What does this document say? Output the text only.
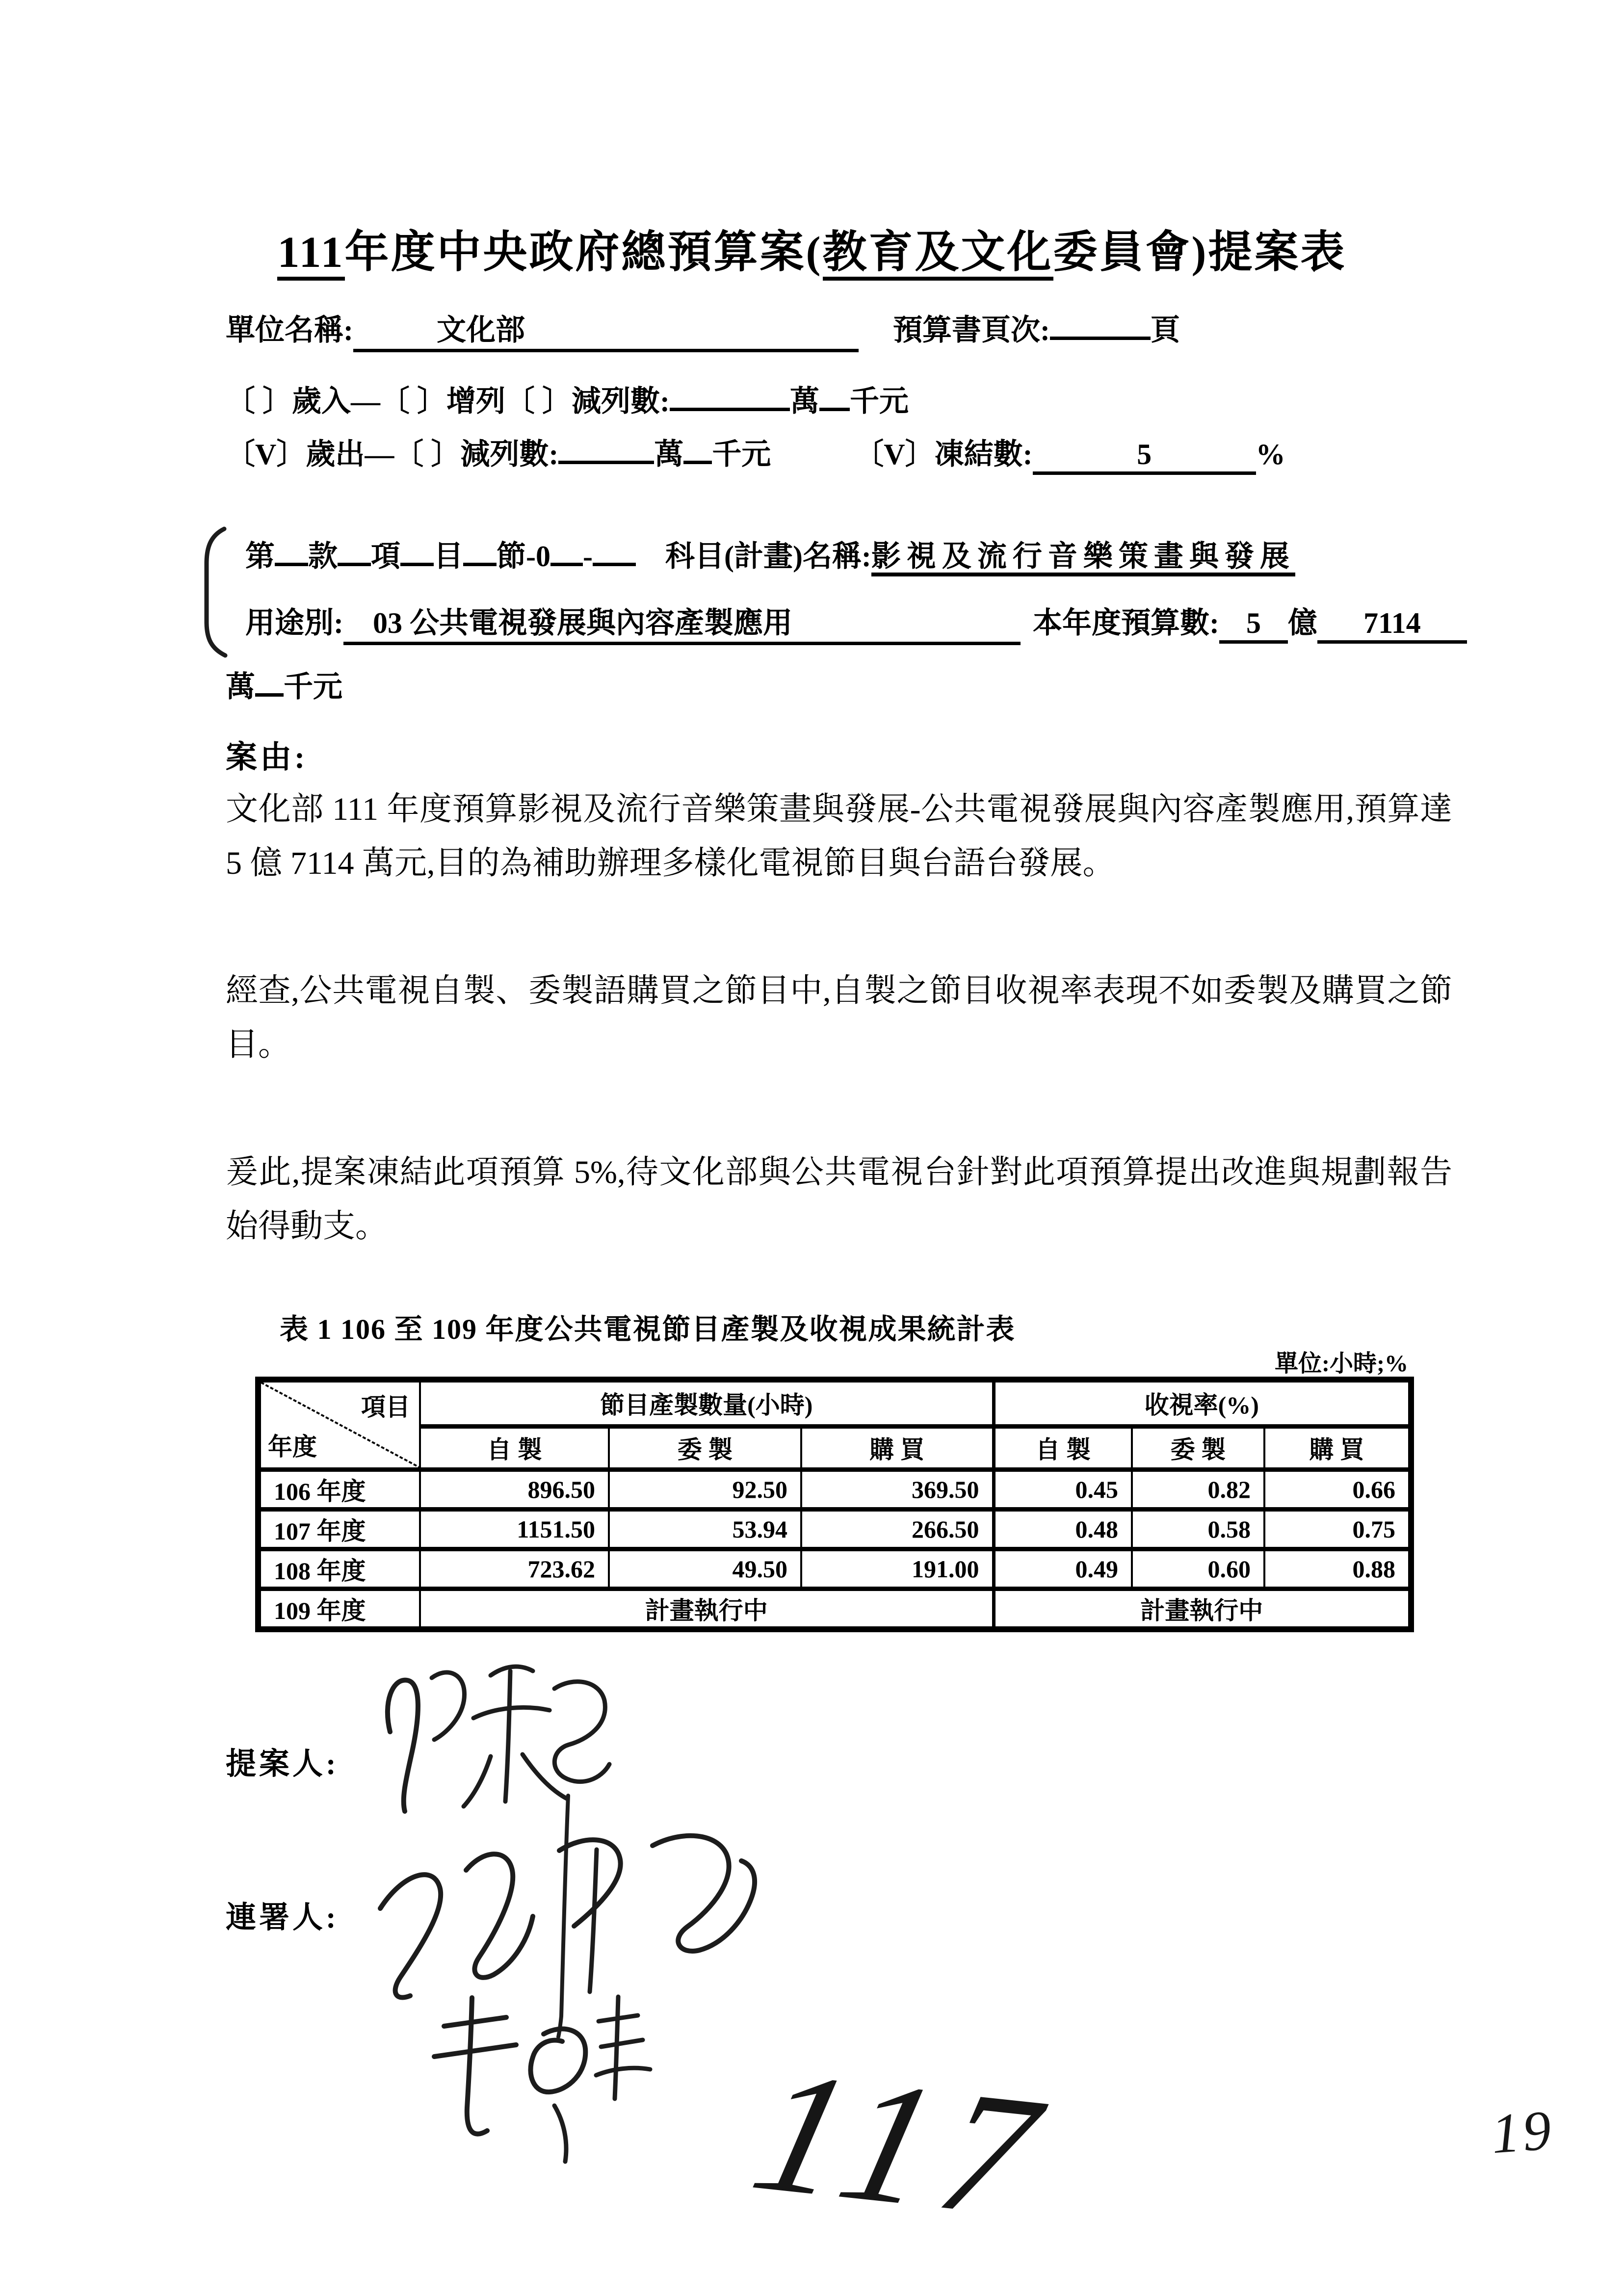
111年度中央政府總預算案(教育及文化委員會)提案表
單位名稱:	文化部	預算書頁次:	頁
〔 〕歲入—〔 〕增列〔 〕減列數:	萬 千元
〔V〕歲出—〔 〕減列數:	萬 千元	〔V〕凍結數:	5	%
第 款 項 目 節-0 - 科目(計畫)名稱:影視及流行音樂策畫與發展
用途別: 03 公共電視發展與內容產製應用	本年度預算數: 5 億 7114
萬 千元
案由:

文化部 111 年度預算影視及流行音樂策畫與發展-公共電視發展與內容產製應用,預算達 5 億 7114 萬元,目的為補助辦理多樣化電視節目與台語台發展。

經查,公共電視自製、委製語購買之節目中,自製之節目收視率表現不如委製及購買之節目。

爰此,提案凍結此項預算 5%,待文化部與公共電視台針對此項預算提出改進與規劃報告始得動支。

表 1 106 至 109 年度公共電視節目產製及收視成果統計表
單位:小時;%
項目
年度	節目產製數量(小時)			收視率(%)		
	自 製	委 製	購 買	自 製	委 製	購 買
106 年度	896.50	92.50	369.50	0.45	0.82	0.66
107 年度	1151.50	53.94	266.50	0.48	0.58	0.75
108 年度	723.62	49.50	191.00	0.49	0.60	0.88
109 年度	計畫執行中			計畫執行中		
提案人:
連署人:
117	19
